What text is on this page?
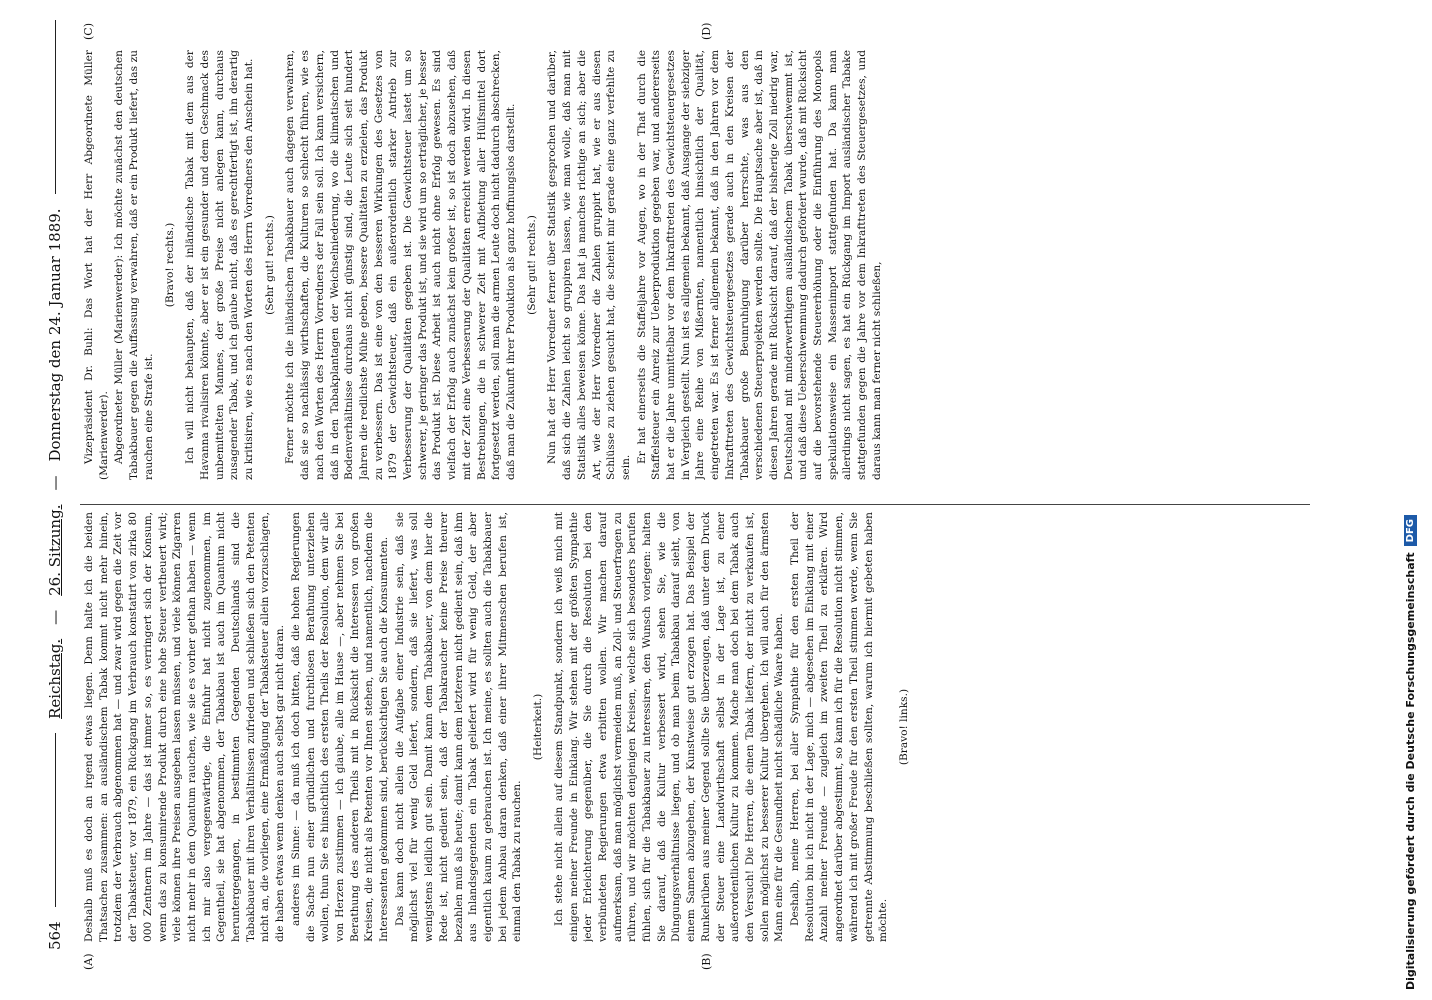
▔
564
Reichstag.
—
26. Sitzung.
—
Donnerstag den 24. Januar 1889.
(A)	(B)
(C)	(D)

Deshalb muß es doch an irgend etwas liegen. Denn halte ich die beiden Thatsachen zusammen: an ausländischem Tabak kommt nicht mehr hinein, trotzdem der Verbrauch abgenommen hat — und zwar wird gegen die Zeit vor der Tabaksteuer, vor 1879, ein Rückgang im Verbrauch konstatirt von zirka 80 000 Zentnern im Jahre — das ist immer so, es verringert sich der Konsum, wenn das zu konsumirende Produkt durch eine hohe Steuer vertheuert wird; viele können ihre Preisen ausgeben lassen müssen, und viele können Zigarren nicht mehr in dem Quantum rauchen, wie sie es vorher gethan haben — wenn ich mir also vergegenwärtige, die Einfuhr hat nicht zugenommen, im Gegentheil, sie hat abgenommen, der Tabakbau ist auch im Quantum nicht heruntergegangen, in bestimmten Gegenden Deutschlands sind die Tabakbauer mit ihren Verhältnissen zufrieden und schließen sich den Petenten nicht an, die vorliegen, eine Ermäßigung der Tabaksteuer allein vorzuschlagen, die haben etwas wenn denken auch selbst gar nicht daran. anderes im Sinne: — da muß ich doch bitten, daß die hohen Regierungen die Sache nun einer gründlichen und furchtlosen Berathung unterziehen wollen, thun Sie es hinsichtlich des ersten Theils der Resolution, dem wir alle von Herzen zustimmen — ich glaube, alle im Hause —, aber nehmen Sie bei Berathung des anderen Theils mit in Rücksicht die Interessen von großen Kreisen, die nicht als Petenten vor Ihnen stehen, und namentlich, nachdem die Interessenten gekommen sind, berücksichtigen Sie auch die Konsumenten. Das kann doch nicht allein die Aufgabe einer Industrie sein, daß sie möglichst viel für wenig Geld liefert, sondern, daß sie liefert, was soll wenigstens leidlich gut sein. Damit kann dem Tabakbauer, von dem hier die Rede ist, nicht gedient sein, daß der Tabakraucher keine Preise theurer bezahlen muß als heute; damit kann dem letzteren nicht gedient sein, daß ihm aus Inlandsgegenden ein Tabak geliefert wird für wenig Geld, der aber eigentlich kaum zu gebrauchen ist. Ich meine, es sollten auch die Tabakbauer bei jedem Anbau daran denken, daß einer ihrer Mitmenschen berufen ist, einmal den Tabak zu rauchen.

(Heiterkeit.) Ich stehe nicht allein auf diesem Standpunkt, sondern ich weiß mich mit einigen meiner Freunde in Einklang. Wir stehen mit der größten Sympathie jeder Erleichterung gegenüber, die Sie durch die Resolution bei den verbündeten Regierungen etwa erbitten wollen. Wir machen darauf aufmerksam, daß man möglichst vermeiden muß, an Zoll- und Steuerfragen zu rühren, und wir möchten denjenigen Kreisen, welche sich besonders berufen fühlen, sich für die Tabakbauer zu interessiren, den Wunsch vorlegen: halten Sie darauf, daß die Kultur verbessert wird, sehen Sie, wie die Düngungsverhältnisse liegen, und ob man beim Tabakbau darauf sieht, von einem Samen abzugehen, der Kunstweise gut erzogen hat. Das Beispiel der Runkelrüben aus meiner Gegend sollte Sie überzeugen, daß unter dem Druck der Steuer eine Landwirthschaft selbst in der Lage ist, zu einer außerordentlichen Kultur zu kommen. Mache man doch bei dem Tabak auch den Versuch! Die Herren, die einen Tabak liefern, der nicht zu verkaufen ist, sollen möglichst zu besserer Kultur übergehen. Ich will auch für den ärmsten Mann eine für die Gesundheit nicht schädliche Waare haben. Deshalb, meine Herren, bei aller Sympathie für den ersten Theil der Resolution bin ich nicht in der Lage, mich — abgesehen im Einklang mit einer Anzahl meiner Freunde — zugleich im zweiten Theil zu erklären. Wird angeordnet darüber abgestimmt, so kann ich für die Resolution nicht stimmen, während ich mit großer Freude für den ersten Theil stimmen werde, wenn Sie getrennte Abstimmung beschließen sollten, warum ich hiermit gebeten haben möchte.

(Bravo! links.)

Vizepräsident Dr. Buhl: Das Wort hat der Herr Abgeordnete Müller (Marienwerder). Abgeordneter Müller (Marienwerder): Ich möchte zunächst den deutschen Tabakbauer gegen die Auffassung verwahren, daß er ein Produkt liefert, das zu rauchen eine Strafe ist.

(Bravo! rechts.) Ich will nicht behaupten, daß der inländische Tabak mit dem aus der Havanna rivalisiren könnte, aber er ist ein gesunder und dem Geschmack des unbemittelten Mannes, der große Preise nicht anlegen kann, durchaus zusagender Tabak, und ich glaube nicht, daß es gerechtfertigt ist, ihn derartig zu kritisiren, wie es nach den Worten des Herrn Vorredners den Anschein hat. (Sehr gut! rechts.) Ferner möchte ich die inländischen Tabakbauer auch dagegen verwahren, daß sie so nachlässig wirthschaften, die Kulturen so schlecht führen, wie es nach den Worten des Herrn Vorredners der Fall sein soll. Ich kann versichern, daß in den Tabakplantagen der Weichselniederung, wo die klimatischen und Bodenverhältnisse durchaus nicht günstig sind, die Leute sich seit hundert Jahren die redlichste Mühe geben, bessere Qualitäten zu erzielen, das Produkt zu verbessern. Das ist eine von den besseren Wirkungen des Gesetzes von 1879 der Gewichtsteuer, daß ein außerordentlich starker Antrieb zur Verbesserung der Qualitäten gegeben ist. Die Gewichtsteuer lastet um so schwerer, je geringer das Produkt ist, und sie wird um so erträglicher, je besser das Produkt ist. Diese Arbeit ist auch nicht ohne Erfolg gewesen. Es sind vielfach der Erfolg auch zunächst kein großer ist, so ist doch abzusehen, daß mit der Zeit eine Verbesserung der Qualitäten erreicht werden wird. In diesen Bestrebungen, die in schwerer Zeit mit Aufbietung aller Hülfsmittel dort fortgesetzt werden, soll man die armen Leute doch nicht dadurch abschrecken, daß man die Zukunft ihrer Produktion als ganz hoffnungslos darstellt. (Sehr gut! rechts.) Nun hat der Herr Vorredner ferner über Statistik gesprochen und darüber, daß sich die Zahlen leicht so gruppiren lassen, wie man wolle, daß man mit Statistik alles beweisen könne. Das hat ja manches richtige an sich; aber die Art, wie der Herr Vorredner die Zahlen gruppirt hat, wie er aus diesen Schlüsse zu ziehen gesucht hat, die scheint mir gerade eine ganz verfehlte zu sein.

Er hat einerseits die Staffeljahre vor Augen, wo in der That durch die Staffelsteuer ein Anreiz zur Ueberproduktion gegeben war, und andererseits hat er die Jahre unmittelbar vor dem Inkrafttreten des Gewichtsteuergesetzes in Vergleich gestellt. Nun ist es allgemein bekannt, daß Ausgange der siebziger Jahre eine Reihe von Mißernten, namentlich hinsichtlich der Qualität, eingetreten war. Es ist ferner allgemein bekannt, daß in den Jahren vor dem Inkrafttreten des Gewichtsteuergesetzes gerade auch in den Kreisen der Tabakbauer große Beunruhigung darüber herrschte, was aus den verschiedenen Steuerprojekten werden sollte. Die Hauptsache aber ist, daß in diesen Jahren gerade mit Rücksicht darauf, daß der bisherige Zoll niedrig war, Deutschland mit minderwerthigem ausländischem Tabak überschwemmt ist, und daß diese Ueberschwemmung dadurch gefördert wurde, daß mit Rücksicht auf die bevorstehende Steuererhöhung oder die Einführung des Monopols spekulationsweise ein Massenimport stattgefunden hat. Da kann man allerdings nicht sagen, es hat ein Rückgang im Import ausländischer Tabake stattgefunden gegen die Jahre vor dem Inkrafttreten des Steuergesetzes, und daraus kann man ferner nicht schließen,

Digitalisierung gefördert durch die Deutsche Forschungsgemeinschaft
DFG
